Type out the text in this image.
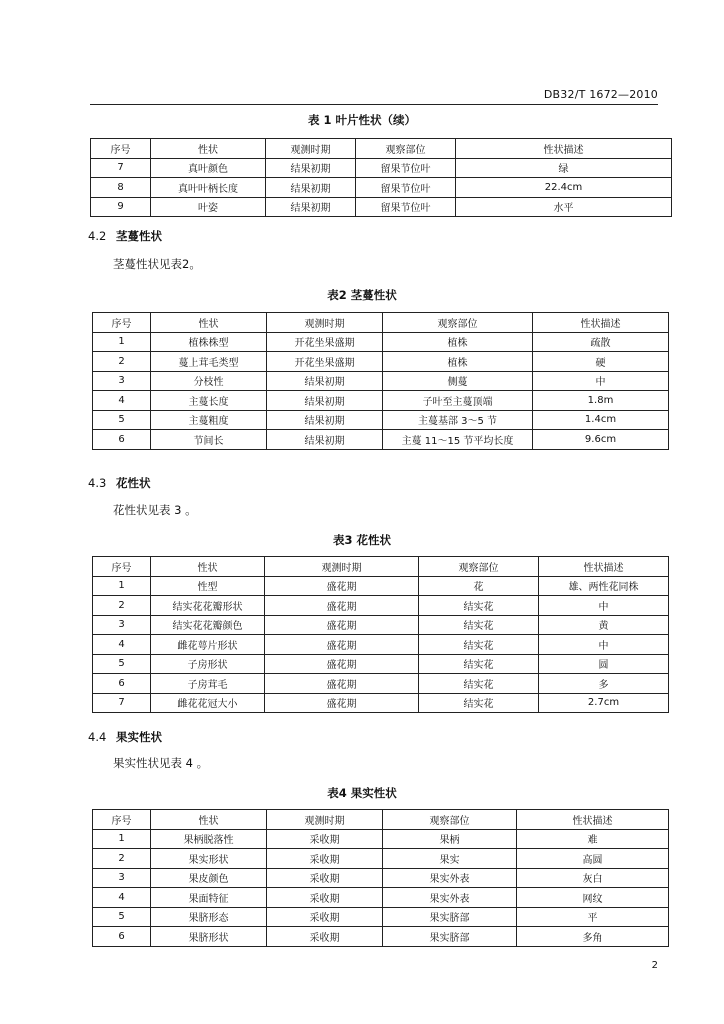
DB32/T 1672—2010
表 1 叶片性状（续）
序号	性状	观测时期	观察部位	性状描述
7	真叶颜色	结果初期	留果节位叶	绿
8	真叶叶柄长度	结果初期	留果节位叶	22.4cm
9	叶姿	结果初期	留果节位叶	水平
4.2 茎蔓性状
茎蔓性状见表2。
表2 茎蔓性状
序号	性状	观测时期	观察部位	性状描述
1	植株株型	开花坐果盛期	植株	疏散
2	蔓上茸毛类型	开花坐果盛期	植株	硬
3	分枝性	结果初期	侧蔓	中
4	主蔓长度	结果初期	子叶至主蔓顶端	1.8m
5	主蔓粗度	结果初期	主蔓基部 3～5 节	1.4cm
6	节间长	结果初期	主蔓 11～15 节平均长度	9.6cm
4.3 花性状
花性状见表 3 。
表3 花性状
序号	性状	观测时期	观察部位	性状描述
1	性型	盛花期	花	雄、两性花同株
2	结实花花瓣形状	盛花期	结实花	中
3	结实花花瓣颜色	盛花期	结实花	黄
4	雌花萼片形状	盛花期	结实花	中
5	子房形状	盛花期	结实花	圆
6	子房茸毛	盛花期	结实花	多
7	雌花花冠大小	盛花期	结实花	2.7cm
4.4 果实性状
果实性状见表 4 。
表4 果实性状
序号	性状	观测时期	观察部位	性状描述
1	果柄脱落性	采收期	果柄	难
2	果实形状	采收期	果实	高圆
3	果皮颜色	采收期	果实外表	灰白
4	果面特征	采收期	果实外表	网纹
5	果脐形态	采收期	果实脐部	平
6	果脐形状	采收期	果实脐部	多角
2
